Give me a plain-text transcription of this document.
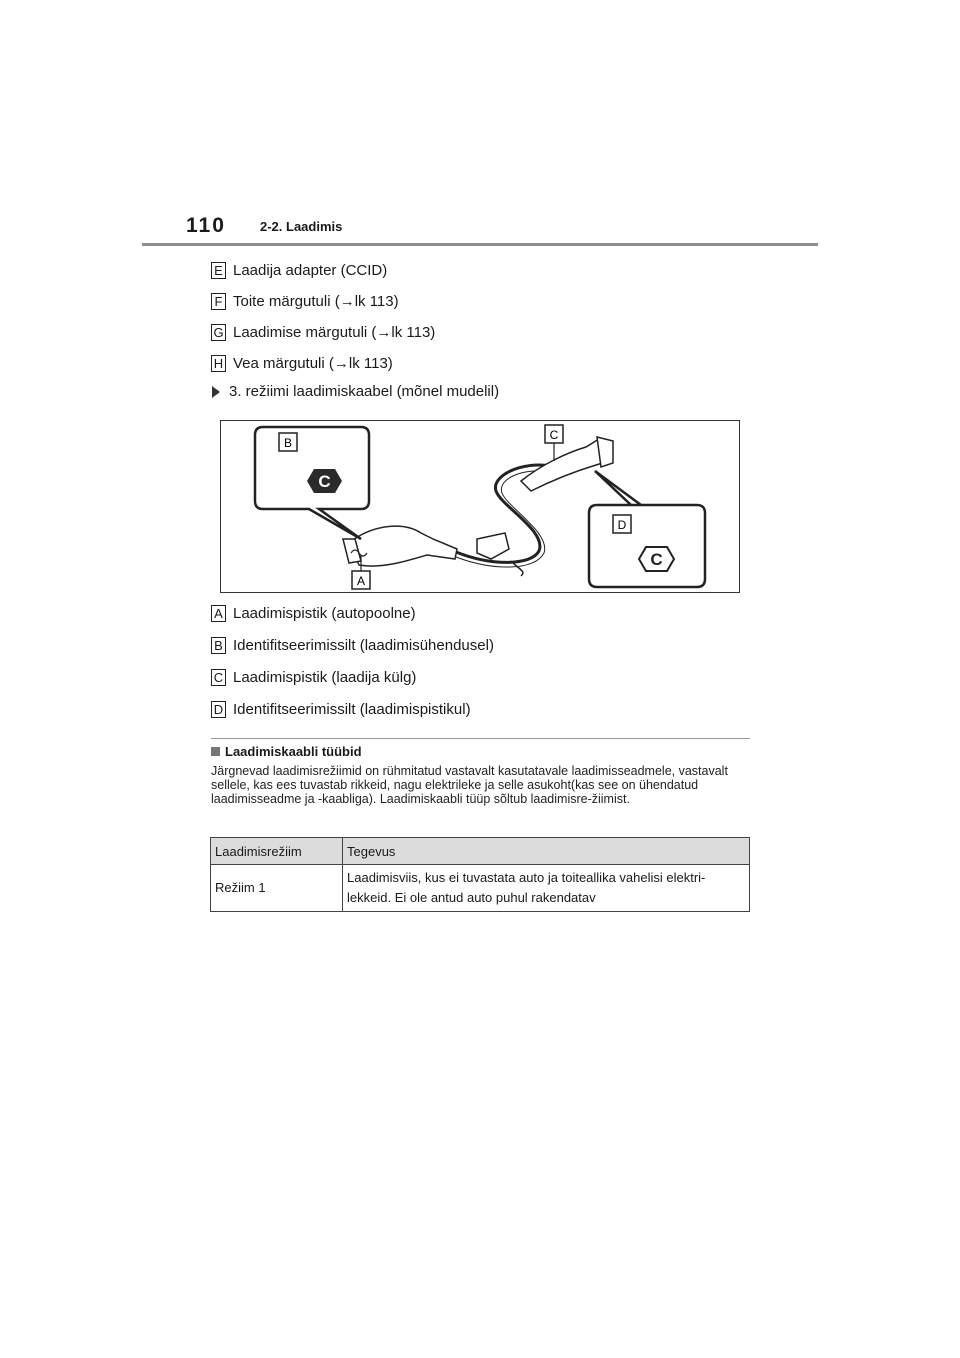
110	2-2. Laadimis
E Laadija adapter (CCID)
F Toite märgutuli (→lk 113)
G Laadimise märgutuli (→lk 113)
H Vea märgutuli (→lk 113)
3. režiimi laadimiskaabel (mõnel mudelil)
B
C
D
A
C
C
A Laadimispistik (autopoolne)
B Identifitseerimissilt (laadimisühendusel)
C Laadimispistik (laadija külg)
D Identifitseerimissilt (laadimispistikul)
Laadimiskaabli tüübid
Järgnevad laadimisrežiimid on rühmitatud vastavalt kasutatavale laadimisseadmele, vastavalt sellele, kas ees tuvastab rikkeid, nagu elektrileke ja selle asukoht(kas see on ühendatud laadimisseadme ja -kaabliga). Laadimiskaabli tüüp sõltub laadimisre-žiimist.
Laadimisrežiim	Tegevus
Režiim 1	Laadimisviis, kus ei tuvastata auto ja toiteallika vahelisi elektri-lekkeid. Ei ole antud auto puhul rakendatav
